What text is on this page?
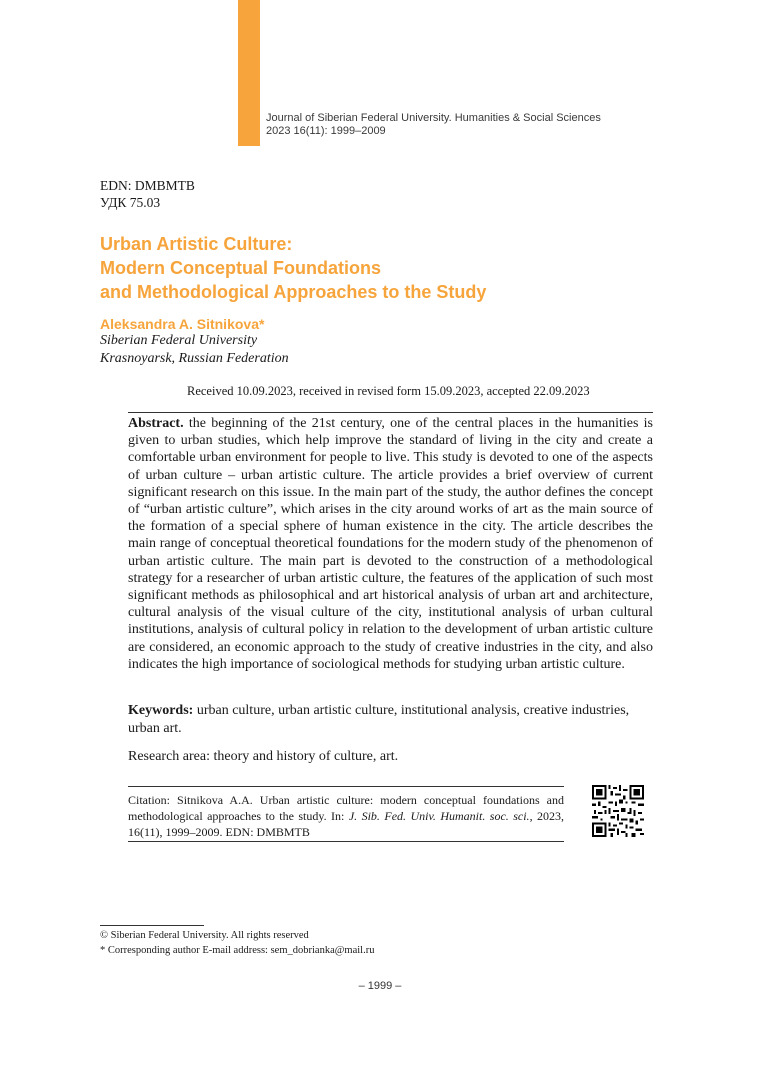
Journal of Siberian Federal University. Humanities & Social Sciences
2023 16(11): 1999–2009
EDN: DMBMTB
УДК 75.03
Urban Artistic Culture:
Modern Conceptual Foundations
and Methodological Approaches to the Study
Aleksandra A. Sitnikova*
Siberian Federal University
Krasnoyarsk, Russian Federation
Received 10.09.2023, received in revised form 15.09.2023, accepted 22.09.2023

Abstract. the beginning of the 21st century, one of the central places in the humanities is given to urban studies, which help improve the standard of living in the city and create a comfortable urban environment for people to live. This study is devoted to one of the aspects of urban culture – urban artistic culture. The article provides a brief overview of current significant research on this issue. In the main part of the study, the author defines the concept of “urban artistic culture”, which arises in the city around works of art as the main source of the formation of a special sphere of human existence in the city. The article describes the main range of conceptual theoretical foundations for the modern study of the phenomenon of urban artistic culture. The main part is devoted to the construction of a methodological strategy for a researcher of urban artistic culture, the features of the application of such most significant methods as philosophical and art historical analysis of urban art and architecture, cultural analysis of the visual culture of the city, institutional analysis of urban cultural institutions, analysis of cultural policy in relation to the development of urban artistic culture are considered, an economic approach to the study of creative industries in the city, and also indicates the high importance of sociological methods for studying urban artistic culture.

Keywords: urban culture, urban artistic culture, institutional analysis, creative industries, urban art.

Research area: theory and history of culture, art.

Citation: Sitnikova A.A. Urban artistic culture: modern conceptual foundations and methodological approaches to the study. In: J. Sib. Fed. Univ. Humanit. soc. sci., 2023, 16(11), 1999–2009. EDN: DMBMTB

© Siberian Federal University. All rights reserved
* Corresponding author E-mail address: sem_dobrianka@mail.ru
– 1999 –
